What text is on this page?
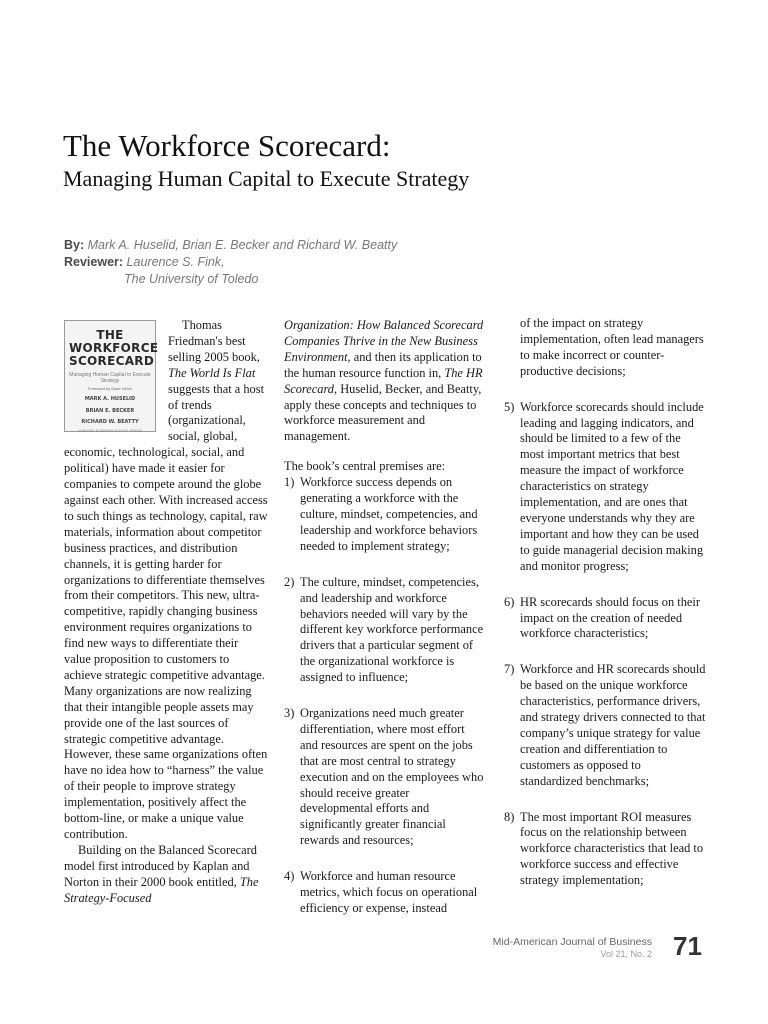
The Workforce Scorecard:
Managing Human Capital to Execute Strategy
By: Mark A. Huselid, Brian E. Becker and Richard W. Beatty
Reviewer: Laurence S. Fink,
The University of Toledo
THE
WORKFORCE
SCORECARD
Managing Human Capital to Execute Strategy
Foreword by Dave Ulrich
MARK A. HUSELID
BRIAN E. BECKER
RICHARD W. BEATTY
HARVARD BUSINESS SCHOOL PRESS

Thomas Friedman's best selling 2005 book, The World Is Flat suggests that a host of trends (organizational, social, global, economic, technological, social, and political) have made it easier for companies to compete around the globe against each other. With increased access to such things as technology, capital, raw materials, information about competitor business practices, and distribution channels, it is getting harder for organizations to differentiate themselves from their competitors. This new, ultra-competitive, rapidly changing business environment requires organizations to find new ways to differentiate their value proposition to customers to achieve strategic competitive advantage. Many organizations are now realizing that their intangible people assets may provide one of the last sources of strategic competitive advantage. However, these same organizations often have no idea how to “harness” the value of their people to improve strategy implementation, positively affect the bottom-line, or make a unique value contribution.

Building on the Balanced Scorecard model first introduced by Kaplan and Norton in their 2000 book entitled, The Strategy-Focused

Organization: How Balanced Scorecard Companies Thrive in the New Business Environment, and then its application to the human resource function in, The HR Scorecard, Huselid, Becker, and Beatty, apply these concepts and techniques to workforce measurement and management.

The book’s central premises are:

1) Workforce success depends on generating a workforce with the culture, mindset, competencies, and leadership and workforce behaviors needed to implement strategy;
2) The culture, mindset, competencies, and leadership and workforce behaviors needed will vary by the different key workforce performance drivers that a particular segment of the organizational workforce is assigned to influence;
3) Organizations need much greater differentiation, where most effort and resources are spent on the jobs that are most central to strategy execution and on the employees who should receive greater developmental efforts and significantly greater financial rewards and resources;
4) Workforce and human resource metrics, which focus on operational efficiency or expense, instead

of the impact on strategy implementation, often lead managers to make incorrect or counter-productive decisions;

5) Workforce scorecards should include leading and lagging indicators, and should be limited to a few of the most important metrics that best measure the impact of workforce characteristics on strategy implementation, and are ones that everyone understands why they are important and how they can be used to guide managerial decision making and monitor progress;
6) HR scorecards should focus on their impact on the creation of needed workforce characteristics;
7) Workforce and HR scorecards should be based on the unique workforce characteristics, performance drivers, and strategy drivers connected to that company’s unique strategy for value creation and differentiation to customers as opposed to standardized benchmarks;
8) The most important ROI measures focus on the relationship between workforce characteristics that lead to workforce success and effective strategy implementation;
Mid-American Journal of Business
Vol 21, No. 2 71
